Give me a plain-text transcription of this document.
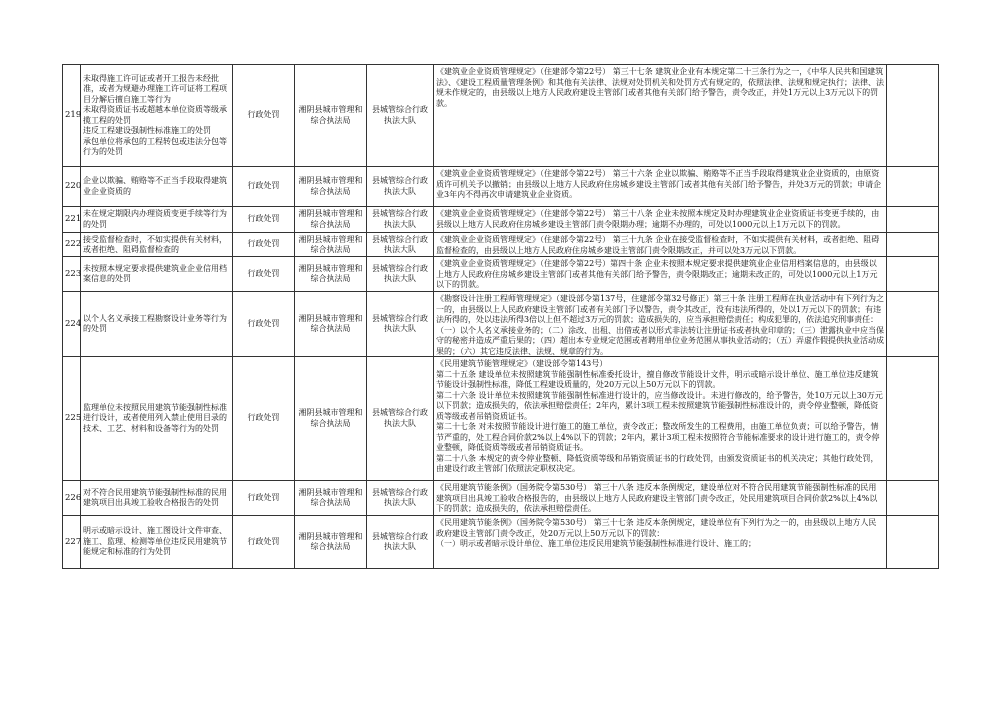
219	未取得施工许可证或者开工报告未经批准，或者为规避办理施工许可证将工程项目分解后擅自施工等行为
未取得资质证书或超越本单位资质等级承揽工程的处罚
违反工程建设强制性标准施工的处罚
承包单位将承包的工程转包或违法分包等行为的处罚	行政处罚	湘阴县城市管理和综合执法局	县城管综合行政执法大队	《建筑业企业资质管理规定》（住建部令第22号） 第三十七条 建筑业企业有本规定第二十三条行为之一，《中华人民共和国建筑法》、《建设工程质量管理条例》和其他有关法律、法规对处罚机关和处罚方式有规定的，依照法律、法规和规定执行；法律、法规未作规定的，由县级以上地方人民政府建设主管部门或者其他有关部门给予警告，责令改正，并处1万元以上3万元以下的罚款。	

220	企业以欺骗、贿赂等不正当手段取得建筑业企业资质的	行政处罚	湘阴县城市管理和综合执法局	县城管综合行政执法大队	《建筑业企业资质管理规定》（住建部令第22号） 第三十六条 企业以欺骗、贿赂等不正当手段取得建筑业企业资质的，由原资质许可机关予以撤销；由县级以上地方人民政府住房城乡建设主管部门或者其他有关部门给予警告，并处3万元的罚款；申请企业3年内不得再次申请建筑业企业资质。	

221	未在规定期限内办理资质变更手续等行为的处罚	行政处罚	湘阴县城市管理和综合执法局	县城管综合行政执法大队	《建筑业企业资质管理规定》（住建部令第22号） 第三十八条 企业未按照本规定及时办理建筑业企业资质证书变更手续的，由县级以上地方人民政府住房城乡建设主管部门责令限期办理；逾期不办理的，可处以1000元以上1万元以下的罚款。	

222	接受监督检查时，不如实提供有关材料，或者拒绝、阻碍监督检查的	行政处罚	湘阴县城市管理和综合执法局	县城管综合行政执法大队	《建筑业企业资质管理规定》（住建部令第22号） 第三十九条 企业在接受监督检查时，不如实提供有关材料，或者拒绝、阻碍监督检查的，由县级以上地方人民政府住房城乡建设主管部门责令限期改正，并可以处3万元以下罚款。	

223	未按照本规定要求提供建筑业企业信用档案信息的处罚	行政处罚	湘阴县城市管理和综合执法局	县城管综合行政执法大队	《建筑业企业资质管理规定》（住建部令第22号）第四十条 企业未按照本规定要求提供建筑业企业信用档案信息的，由县级以上地方人民政府住房城乡建设主管部门或者其他有关部门给予警告，责令限期改正；逾期未改正的，可处以1000元以上1万元以下的罚款。	

224	以个人名义承接工程勘察设计业务等行为的处罚	行政处罚	湘阴县城市管理和综合执法局	县城管综合行政执法大队	《勘察设计注册工程师管理规定》（建设部令第137号，住建部令第32号修正）第三十条 注册工程师在执业活动中有下列行为之一的，由县级以上人民政府建设主管部门或者有关部门予以警告，责令其改正，没有违法所得的，处以1万元以下的罚款；有违法所得的，处以违法所得3倍以上但不超过3万元的罚款；造成损失的，应当承担赔偿责任；构成犯罪的，依法追究刑事责任：（一）以个人名义承接业务的；（二）涂改、出租、出借或者以形式非法转让注册证书或者执业印章的；（三）泄露执业中应当保守的秘密并造成严重后果的；（四）超出本专业规定范围或者聘用单位业务范围从事执业活动的；（五）弄虚作假提供执业活动成果的；（六）其它违反法律、法规、规章的行为。	

225	监理单位未按照民用建筑节能强制性标准进行设计，或者使用列入禁止使用目录的技术、工艺、材料和设备等行为的处罚	行政处罚	湘阴县城市管理和综合执法局	县城管综合行政执法大队	《民用建筑节能管理规定》（建设部令第143号）
第二十五条 建设单位未按照建筑节能强制性标准委托设计，擅自修改节能设计文件，明示或暗示设计单位、施工单位违反建筑节能设计强制性标准，降低工程建设质量的，处20万元以上50万元以下的罚款。
第二十六条 设计单位未按照建筑节能强制性标准进行设计的，应当修改设计。未进行修改的，给予警告，处10万元以上30万元以下罚款；造成损失的，依法承担赔偿责任；2年内，累计3项工程未按照建筑节能强制性标准设计的，责令停业整顿，降低资质等级或者吊销资质证书。
第二十七条 对未按照节能设计进行施工的施工单位，责令改正；整改所发生的工程费用，由施工单位负责；可以给予警告，情节严重的，处工程合同价款2%以上4%以下的罚款；2年内，累计3项工程未按照符合节能标准要求的设计进行施工的，责令停业整顿，降低资质等级或者吊销资质证书。
第二十八条 本规定的责令停业整顿、降低资质等级和吊销资质证书的行政处罚，由颁发资质证书的机关决定；其他行政处罚，由建设行政主管部门依照法定职权决定。	

226	对不符合民用建筑节能强制性标准的民用建筑项目出具竣工验收合格报告的处罚	行政处罚	湘阴县城市管理和综合执法局	县城管综合行政执法大队	《民用建筑节能条例》（国务院令第530号） 第三十八条 违反本条例规定，建设单位对不符合民用建筑节能强制性标准的民用建筑项目出具竣工验收合格报告的，由县级以上地方人民政府建设主管部门责令改正，处民用建筑项目合同价款2%以上4%以下的罚款；造成损失的，依法承担赔偿责任。	

227	明示或暗示设计、施工图设计文件审查、施工、监理、检测等单位违反民用建筑节能规定和标准的行为处罚	行政处罚	湘阴县城市管理和综合执法局	县城管综合行政执法大队	《民用建筑节能条例》（国务院令第530号） 第三十七条 违反本条例规定，建设单位有下列行为之一的，由县级以上地方人民政府建设主管部门责令改正，处20万元以上50万元以下的罚款：
（一）明示或者暗示设计单位、施工单位违反民用建筑节能强制性标准进行设计、施工的；	
